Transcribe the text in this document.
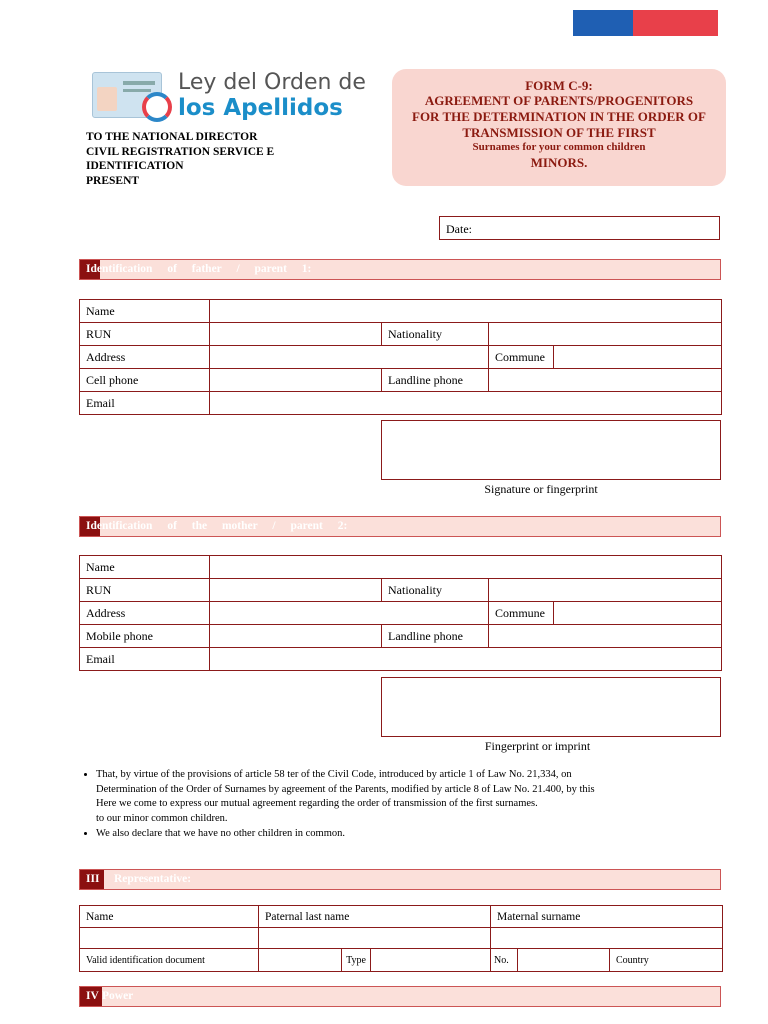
Ley del Orden de
los Apellidos
TO THE NATIONAL DIRECTOR
CIVIL REGISTRATION SERVICE E
IDENTIFICATION
PRESENT
FORM C-9:
AGREEMENT OF PARENTS/PROGENITORS
FOR THE DETERMINATION IN THE ORDER OF
TRANSMISSION OF THE FIRST
Surnames for your common children
MINORS.
Date:
Identification of father / parent 1:
Name				
RUN		Nationality		
Address			Commune	
Cell phone		Landline phone		
Email				
Signature or fingerprint
Identification of the mother / parent 2:
Name				
RUN		Nationality		
Address			Commune	
Mobile phone		Landline phone		
Email				
Fingerprint or imprint
• That, by virtue of the provisions of article 58 ter of the Civil Code, introduced by article 1 of Law No. 21,334, on
Determination of the Order of Surnames by agreement of the Parents, modified by article 8 of Law No. 21.400, by this
Here we come to express our mutual agreement regarding the order of transmission of the first surnames.
to our minor common children.
• We also declare that we have no other children in common.
III Representative:
Name	Paternal last name		Maternal surname		

Valid identification document	Type		No.		Country
IV Power
